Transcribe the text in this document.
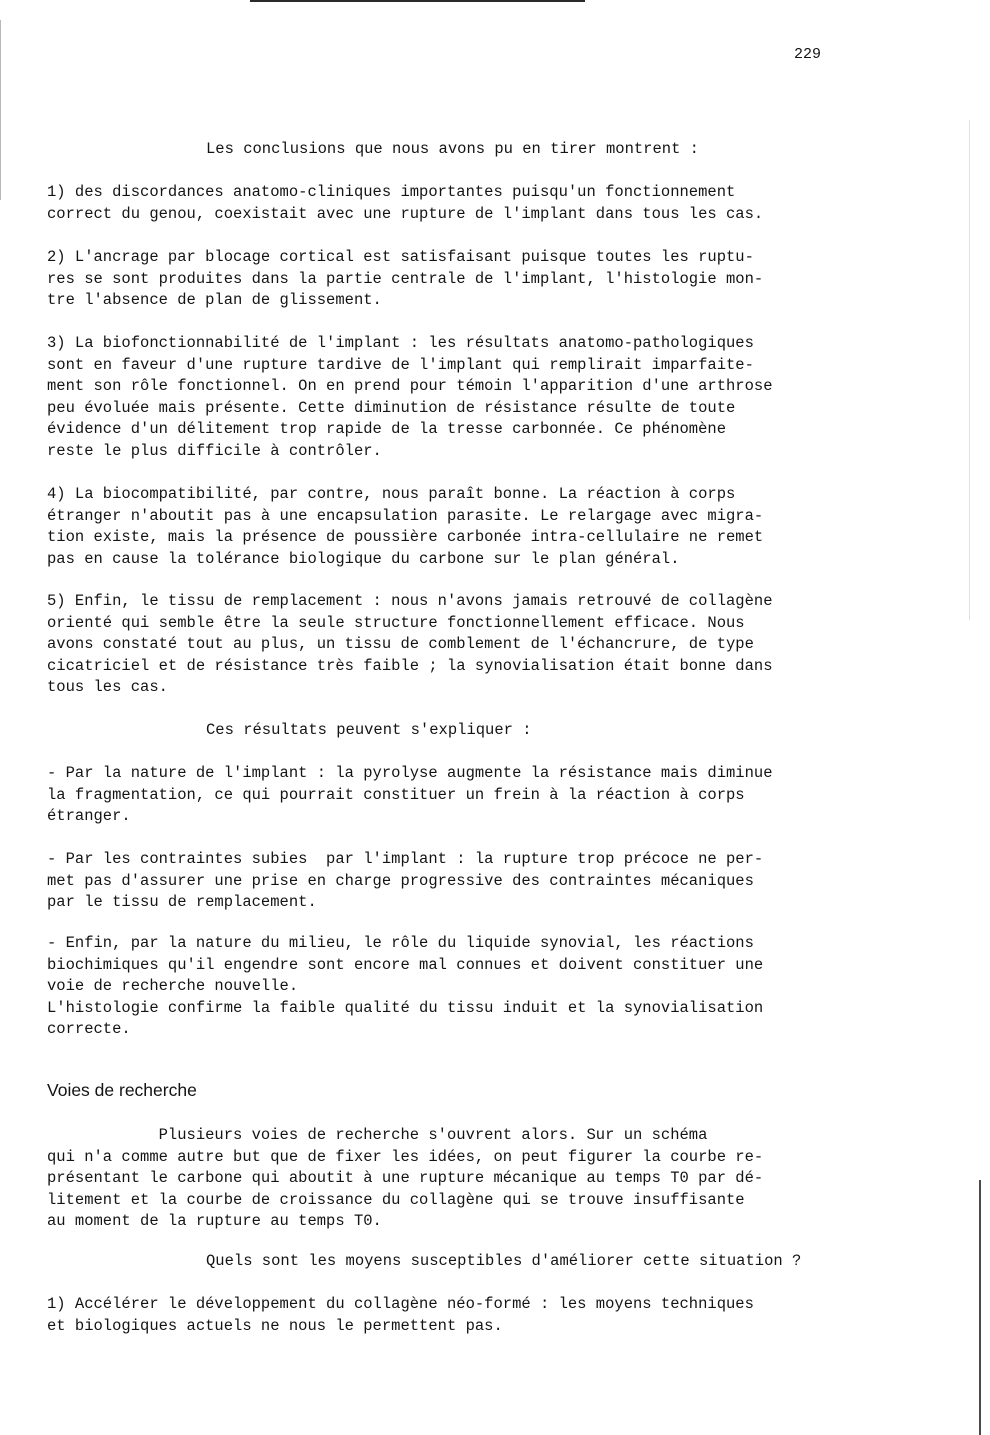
229

Les conclusions que nous avons pu en tirer montrent :

1) des discordances anatomo-cliniques importantes puisqu'un fonctionnement
correct du genou, coexistait avec une rupture de l'implant dans tous les cas.

2) L'ancrage par blocage cortical est satisfaisant puisque toutes les ruptu-
res se sont produites dans la partie centrale de l'implant, l'histologie mon-
tre l'absence de plan de glissement.

3) La biofonctionnabilité de l'implant : les résultats anatomo-pathologiques
sont en faveur d'une rupture tardive de l'implant qui remplirait imparfaite-
ment son rôle fonctionnel. On en prend pour témoin l'apparition d'une arthrose
peu évoluée mais présente. Cette diminution de résistance résulte de toute
évidence d'un délitement trop rapide de la tresse carbonnée. Ce phénomène
reste le plus difficile à contrôler.

4) La biocompatibilité, par contre, nous paraît bonne. La réaction à corps
étranger n'aboutit pas à une encapsulation parasite. Le relargage avec migra-
tion existe, mais la présence de poussière carbonée intra-cellulaire ne remet
pas en cause la tolérance biologique du carbone sur le plan général.

5) Enfin, le tissu de remplacement : nous n'avons jamais retrouvé de collagène
orienté qui semble être la seule structure fonctionnellement efficace. Nous
avons constaté tout au plus, un tissu de comblement de l'échancrure, de type
cicatriciel et de résistance très faible ; la synovialisation était bonne dans
tous les cas.

Ces résultats peuvent s'expliquer :

- Par la nature de l'implant : la pyrolyse augmente la résistance mais diminue
la fragmentation, ce qui pourrait constituer un frein à la réaction à corps
étranger.

- Par les contraintes subies  par l'implant : la rupture trop précoce ne per-
met pas d'assurer une prise en charge progressive des contraintes mécaniques
par le tissu de remplacement.

- Enfin, par la nature du milieu, le rôle du liquide synovial, les réactions
biochimiques qu'il engendre sont encore mal connues et doivent constituer une
voie de recherche nouvelle.
L'histologie confirme la faible qualité du tissu induit et la synovialisation
correcte.

Voies de recherche

Plusieurs voies de recherche s'ouvrent alors. Sur un schéma
qui n'a comme autre but que de fixer les idées, on peut figurer la courbe re-
présentant le carbone qui aboutit à une rupture mécanique au temps T0 par dé-
litement et la courbe de croissance du collagène qui se trouve insuffisante
au moment de la rupture au temps T0.

Quels sont les moyens susceptibles d'améliorer cette situation ?

1) Accélérer le développement du collagène néo-formé : les moyens techniques
et biologiques actuels ne nous le permettent pas.
